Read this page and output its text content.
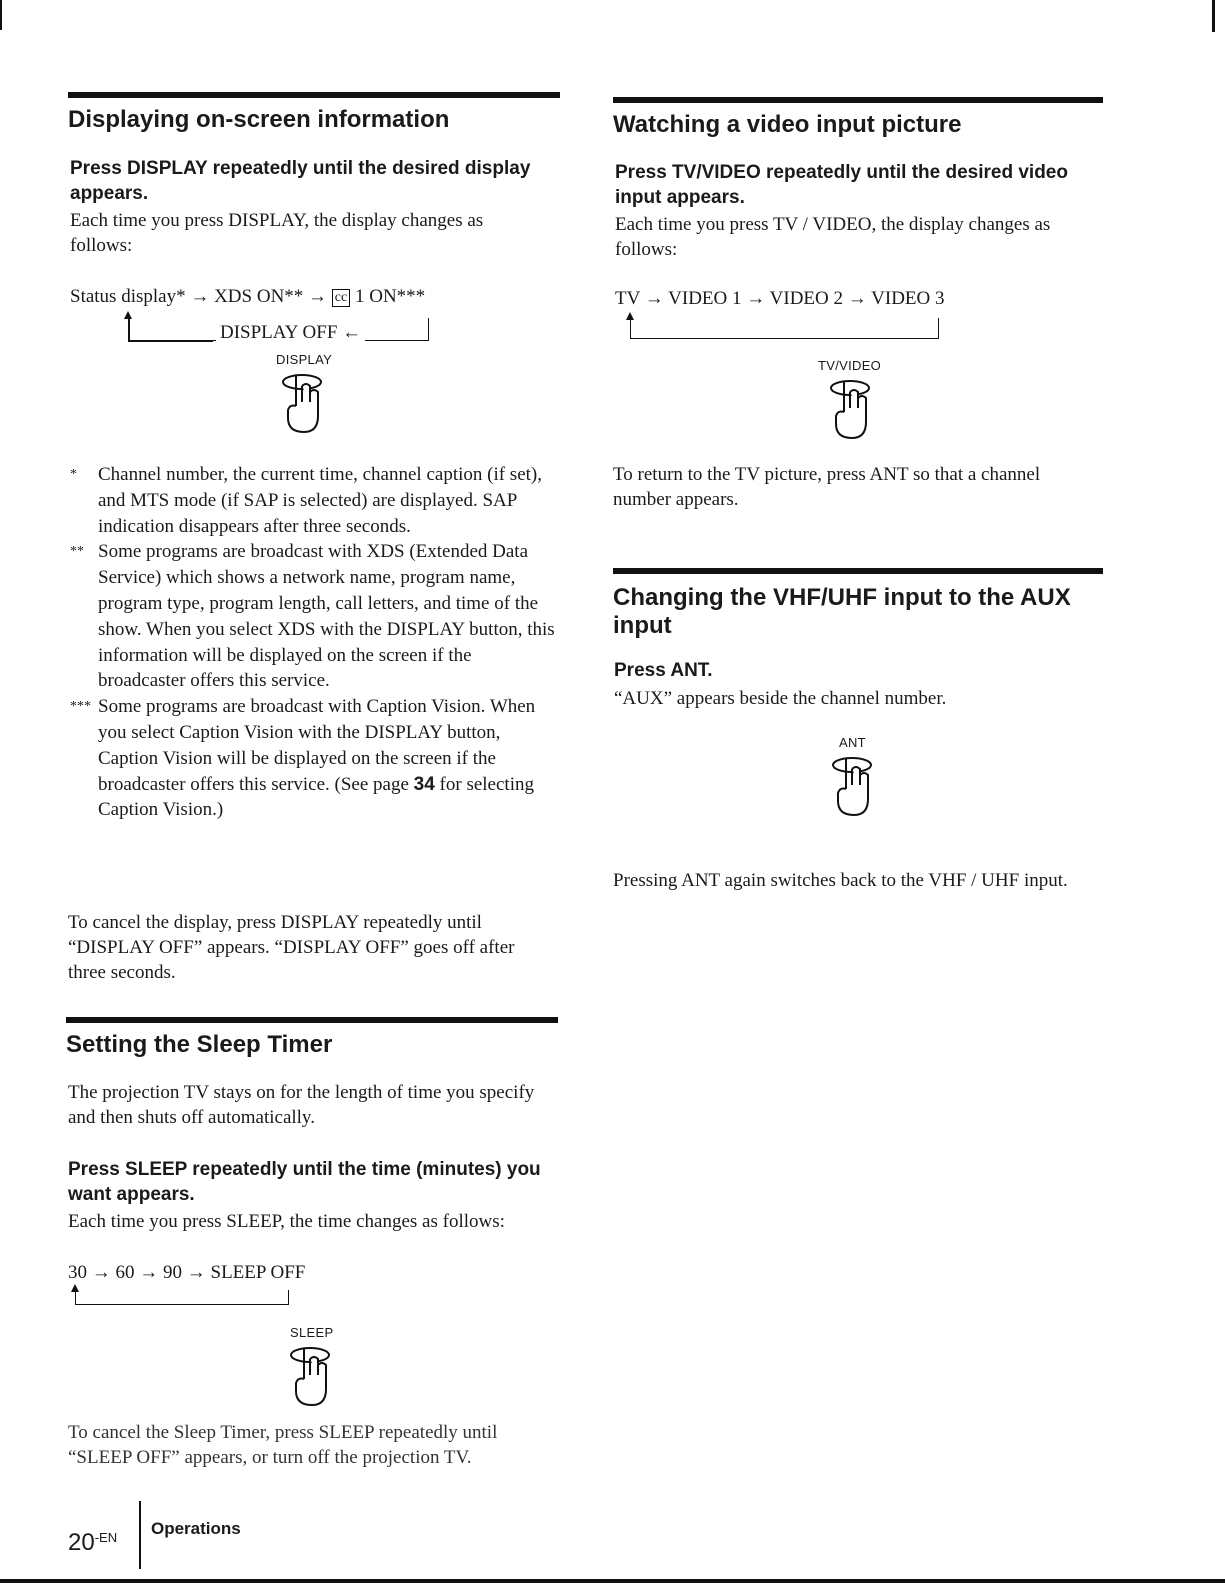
Displaying on-screen information

Press DISPLAY repeatedly until the desired display appears.

Each time you press DISPLAY, the display changes as follows:

Status display* → XDS ON** → cc 1 ON***
DISPLAY OFF ←
DISPLAY
* Channel number, the current time, channel caption (if set), and MTS mode (if SAP is selected) are displayed. SAP indication disappears after three seconds.
** Some programs are broadcast with XDS (Extended Data Service) which shows a network name, program name, program type, program length, call letters, and time of the show. When you select XDS with the DISPLAY button, this information will be displayed on the screen if the broadcaster offers this service.
*** Some programs are broadcast with Caption Vision. When you select Caption Vision with the DISPLAY button, Caption Vision will be displayed on the screen if the broadcaster offers this service. (See page 34 for selecting Caption Vision.)

To cancel the display, press DISPLAY repeatedly until “DISPLAY OFF” appears. “DISPLAY OFF” goes off after three seconds.

Setting the Sleep Timer

The projection TV stays on for the length of time you specify and then shuts off automatically.

Press SLEEP repeatedly until the time (minutes) you want appears.

Each time you press SLEEP, the time changes as follows:

30 → 60 → 90 → SLEEP OFF
SLEEP

To cancel the Sleep Timer, press SLEEP repeatedly until “SLEEP OFF” appears, or turn off the projection TV.

Watching a video input picture

Press TV/VIDEO repeatedly until the desired video input appears.

Each time you press TV / VIDEO, the display changes as follows:

TV → VIDEO 1 → VIDEO 2 → VIDEO 3
TV/VIDEO

To return to the TV picture, press ANT so that a channel number appears.

Changing the VHF/UHF input to the AUX input

Press ANT.

“AUX” appears beside the channel number.

ANT

Pressing ANT again switches back to the VHF / UHF input.

$20^{-EN}$ Operations
